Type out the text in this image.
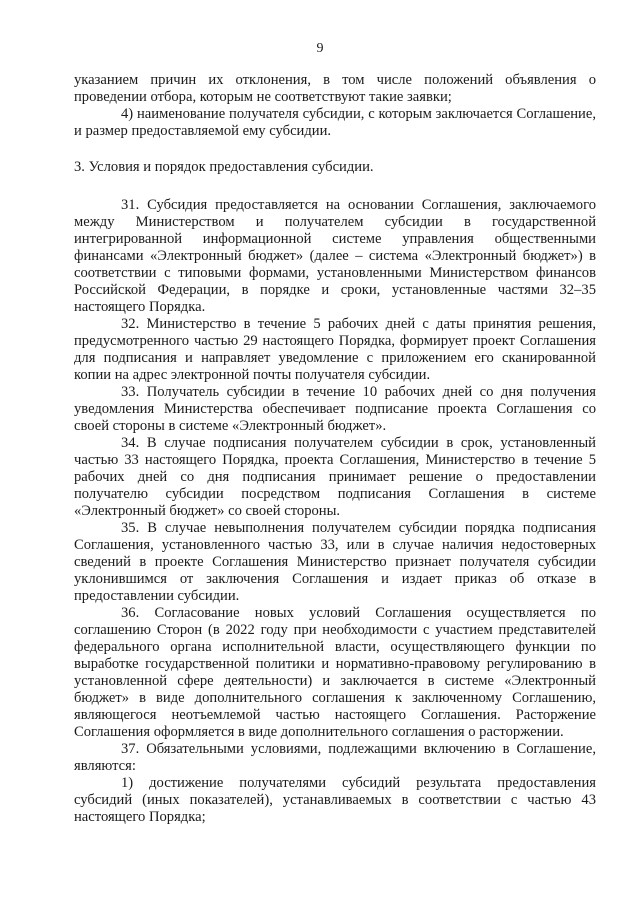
9

указанием причин их отклонения, в том числе положений объявления о проведении отбора, которым не соответствуют такие заявки;

4) наименование получателя субсидии, с которым заключается Соглашение, и размер предоставляемой ему субсидии.

3. Условия и порядок предоставления субсидии.

31. Субсидия предоставляется на основании Соглашения, заключаемого между Министерством и получателем субсидии в государственной интегрированной информационной системе управления общественными финансами «Электронный бюджет» (далее – система «Электронный бюджет») в соответствии с типовыми формами, установленными Министерством финансов Российской Федерации, в порядке и сроки, установленные частями 32–35 настоящего Порядка.

32. Министерство в течение 5 рабочих дней с даты принятия решения, предусмотренного частью 29 настоящего Порядка, формирует проект Соглашения для подписания и направляет уведомление с приложением его сканированной копии на адрес электронной почты получателя субсидии.

33. Получатель субсидии в течение 10 рабочих дней со дня получения уведомления Министерства обеспечивает подписание проекта Соглашения со своей стороны в системе «Электронный бюджет».

34. В случае подписания получателем субсидии в срок, установленный частью 33 настоящего Порядка, проекта Соглашения, Министерство в течение 5 рабочих дней со дня подписания принимает решение о предоставлении получателю субсидии посредством подписания Соглашения в системе «Электронный бюджет» со своей стороны.

35. В случае невыполнения получателем субсидии порядка подписания Соглашения, установленного частью 33, или в случае наличия недостоверных сведений в проекте Соглашения Министерство признает получателя субсидии уклонившимся от заключения Соглашения и издает приказ об отказе в предоставлении субсидии.

36. Согласование новых условий Соглашения осуществляется по соглашению Сторон (в 2022 году при необходимости с участием представителей федерального органа исполнительной власти, осуществляющего функции по выработке государственной политики и нормативно-правовому регулированию в установленной сфере деятельности) и заключается в системе «Электронный бюджет» в виде дополнительного соглашения к заключенному Соглашению, являющегося неотъемлемой частью настоящего Соглашения. Расторжение Соглашения оформляется в виде дополнительного соглашения о расторжении.

37. Обязательными условиями, подлежащими включению в Соглашение, являются:

1) достижение получателями субсидий результата предоставления субсидий (иных показателей), устанавливаемых в соответствии с частью 43 настоящего Порядка;
